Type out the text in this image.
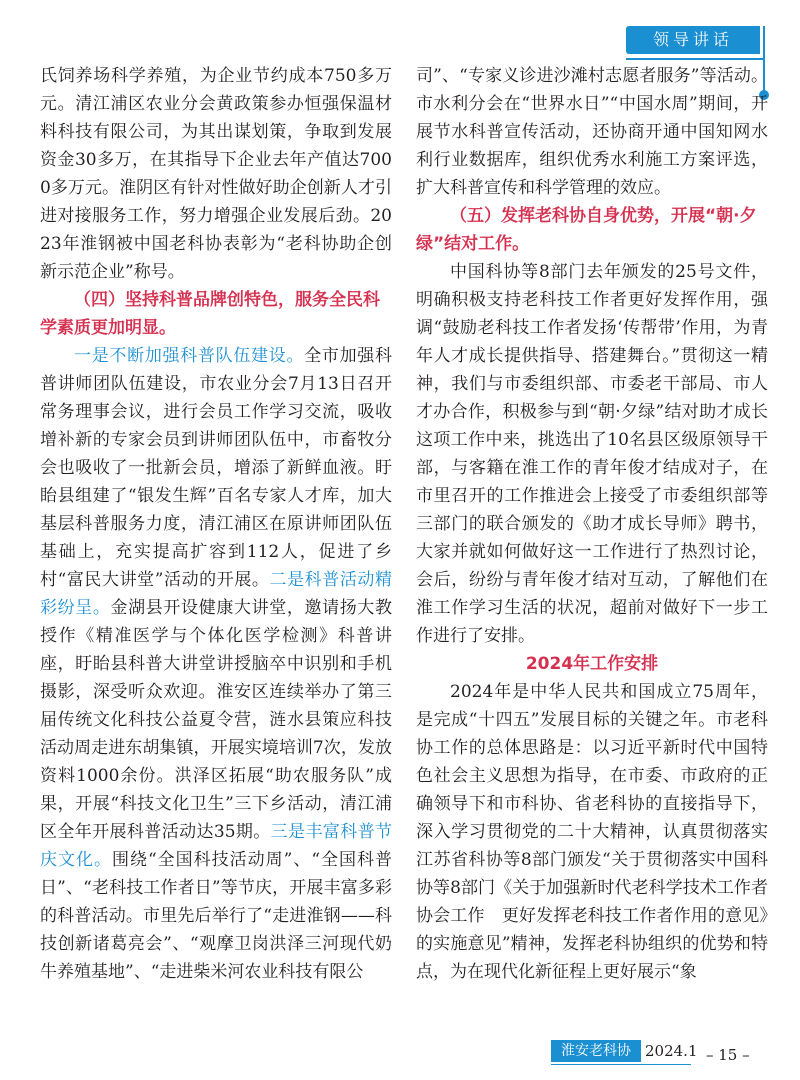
领导讲话

氏饲养场科学养殖，为企业节约成本750多万元。清江浦区农业分会黄政策参办恒强保温材料科技有限公司，为其出谋划策，争取到发展资金30多万，在其指导下企业去年产值达7000多万元。淮阴区有针对性做好助企创新人才引进对接服务工作，努力增强企业发展后劲。2023年淮钢被中国老科协表彰为“老科协助企创新示范企业”称号。

（四）坚持科普品牌创特色，服务全民科学素质更加明显。

一是不断加强科普队伍建设。全市加强科普讲师团队伍建设，市农业分会7月13日召开常务理事会议，进行会员工作学习交流，吸收增补新的专家会员到讲师团队伍中，市畜牧分会也吸收了一批新会员，增添了新鲜血液。盱眙县组建了“银发生辉”百名专家人才库，加大基层科普服务力度，清江浦区在原讲师团队伍基础上，充实提高扩容到112人，促进了乡村“富民大讲堂”活动的开展。二是科普活动精彩纷呈。金湖县开设健康大讲堂，邀请扬大教授作《精准医学与个体化医学检测》科普讲座，盱眙县科普大讲堂讲授脑卒中识别和手机摄影，深受听众欢迎。淮安区连续举办了第三届传统文化科技公益夏令营，涟水县策应科技活动周走进东胡集镇，开展实境培训7次，发放资料1000余份。洪泽区拓展“助农服务队”成果，开展“科技文化卫生”三下乡活动，清江浦区全年开展科普活动达35期。三是丰富科普节庆文化。围绕“全国科技活动周”、“全国科普日”、“老科技工作者日”等节庆，开展丰富多彩的科普活动。市里先后举行了“走进淮钢——科技创新诸葛亮会”、“观摩卫岗洪泽三河现代奶牛养殖基地”、“走进柴米河农业科技有限公

司”、“专家义诊进沙滩村志愿者服务”等活动。市水利分会在“世界水日”“中国水周”期间，开展节水科普宣传活动，还协商开通中国知网水利行业数据库，组织优秀水利施工方案评选，扩大科普宣传和科学管理的效应。

（五）发挥老科协自身优势，开展“朝·夕绿”结对工作。

中国科协等8部门去年颁发的25号文件，明确积极支持老科技工作者更好发挥作用，强调“鼓励老科技工作者发扬‘传帮带’作用，为青年人才成长提供指导、搭建舞台。”贯彻这一精神，我们与市委组织部、市委老干部局、市人才办合作，积极参与到“朝·夕绿”结对助才成长这项工作中来，挑选出了10名县区级原领导干部，与客籍在淮工作的青年俊才结成对子，在市里召开的工作推进会上接受了市委组织部等三部门的联合颁发的《助才成长导师》聘书，大家并就如何做好这一工作进行了热烈讨论，会后，纷纷与青年俊才结对互动，了解他们在淮工作学习生活的状况，超前对做好下一步工作进行了安排。

2024年工作安排

2024年是中华人民共和国成立75周年，是完成“十四五”发展目标的关键之年。市老科协工作的总体思路是：以习近平新时代中国特色社会主义思想为指导，在市委、市政府的正确领导下和市科协、省老科协的直接指导下，深入学习贯彻党的二十大精神，认真贯彻落实江苏省科协等8部门颁发“关于贯彻落实中国科协等8部门《关于加强新时代老科学技术工作者协会工作　更好发挥老科技工作者作用的意见》的实施意见”精神，发挥老科协组织的优势和特点，为在现代化新征程上更好展示“象

淮安老科协 2024.1 – 15 –
